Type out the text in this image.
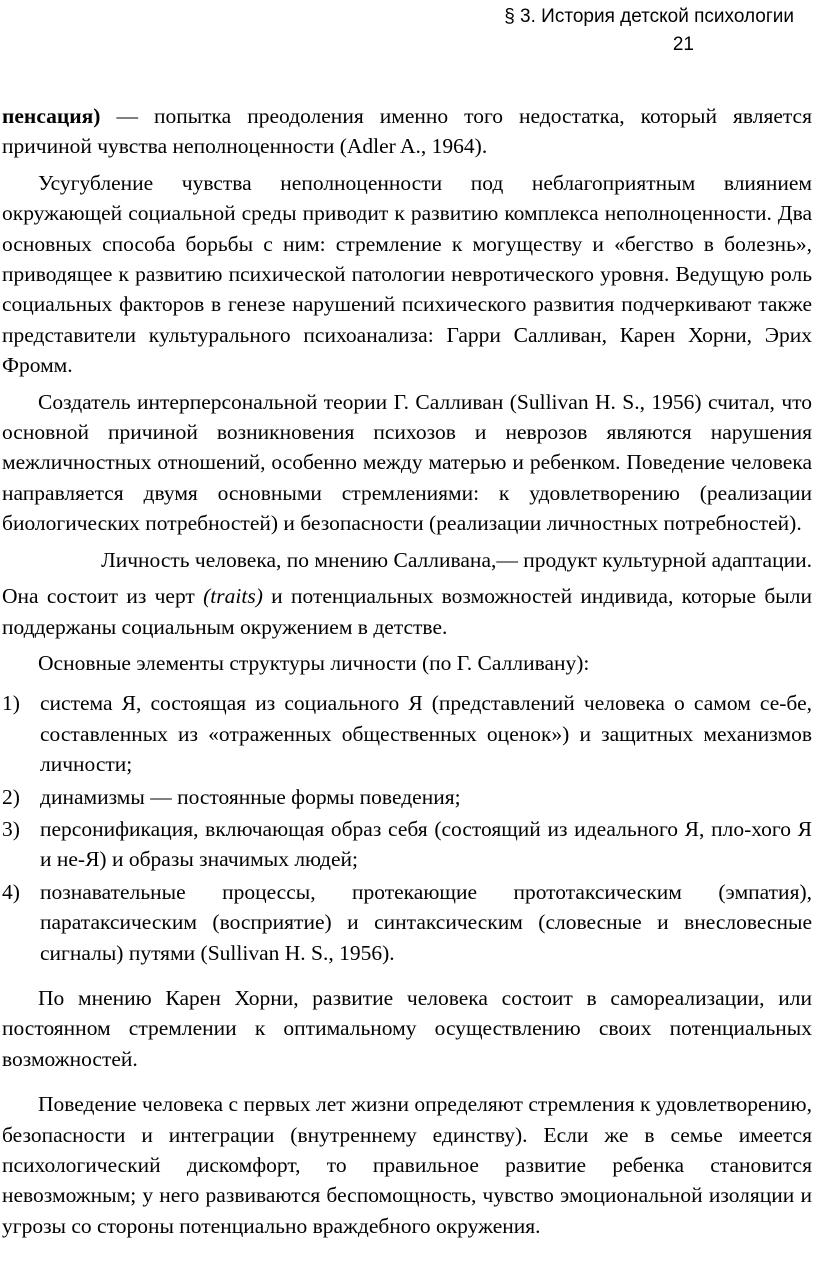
§ 3. История детской психологии
21

пенсация) — попытка преодоления именно того недостатка, который является причиной чувства неполноценности (Adler A., 1964).

Усугубление чувства неполноценности под неблагоприятным влиянием окружающей социальной среды приводит к развитию комплекса неполноценности. Два основных способа борьбы с ним: стремление к могуществу и «бегство в болезнь», приводящее к развитию психической патологии невротического уровня. Ведущую роль социальных факторов в генезе нарушений психического развития подчеркивают также представители культурального психоанализа: Гарри Салливан, Карен Хорни, Эрих Фромм.

Создатель интерперсональной теории Г. Салливан (Sullivan H. S., 1956) считал, что основной причиной возникновения психозов и неврозов являются нарушения межличностных отношений, особенно между матерью и ребенком. Поведение человека направляется двумя основными стремлениями: к удовлетворению (реализации биологических потребностей) и безопасности (реализации личностных потребностей).

Личность человека, по мнению Салливана,— продукт культурной адаптации.

Она состоит из черт (traits) и потенциальных возможностей индивида, которые были поддержаны социальным окружением в детстве.

Основные элементы структуры личности (по Г. Салливану):

1) система Я, состоящая из социального Я (представлений человека о самом се-бе, составленных из «отраженных общественных оценок») и защитных механизмов личности;
2) динамизмы — постоянные формы поведения;
3) персонификация, включающая образ себя (состоящий из идеального Я, пло-хого Я и не-Я) и образы значимых людей;
4) познавательные процессы, протекающие прототаксическим (эмпатия), паратаксическим (восприятие) и синтаксическим (словесные и внесловесные сигналы) путями (Sullivan H. S., 1956).

По мнению Карен Хорни, развитие человека состоит в самореализации, или постоянном стремлении к оптимальному осуществлению своих потенциальных возможностей.

Поведение человека с первых лет жизни определяют стремления к удовлетворению, безопасности и интеграции (внутреннему единству). Если же в семье имеется психологический дискомфорт, то правильное развитие ребенка становится невозможным; у него развиваются беспомощность, чувство эмоциональной изоляции и угрозы со стороны потенциально враждебного окружения.
